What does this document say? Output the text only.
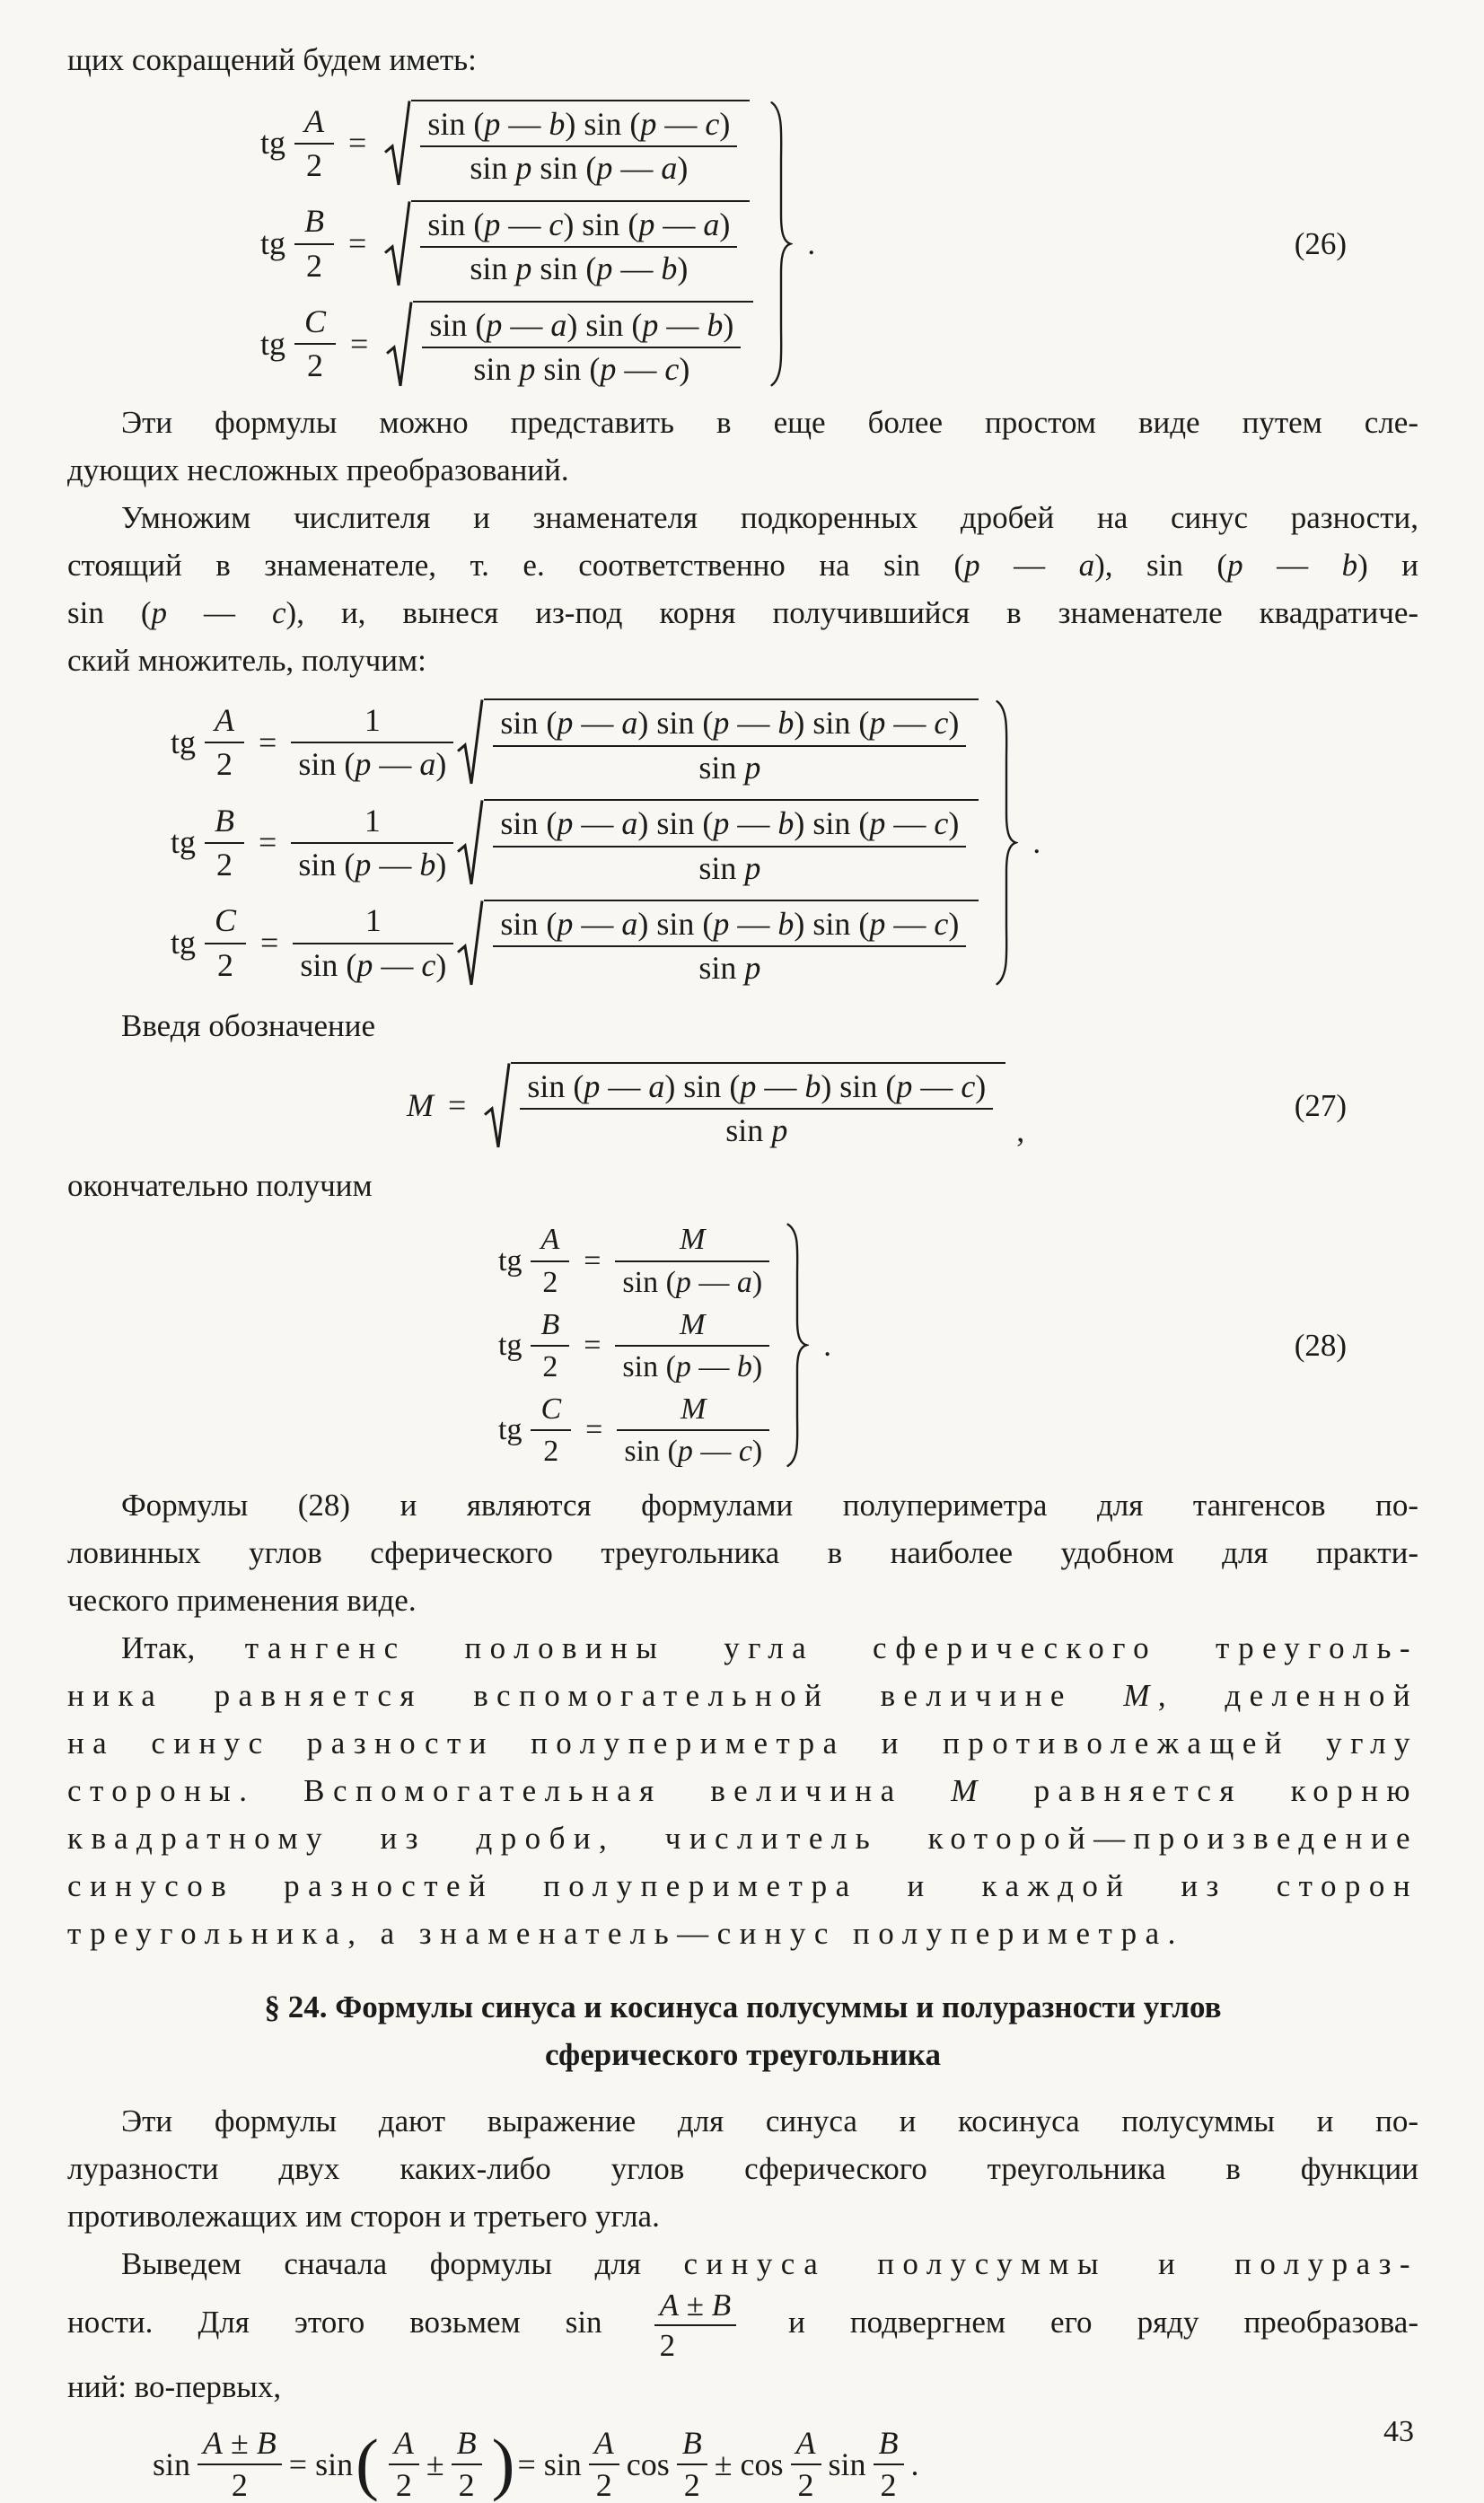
щих сокращений будем иметь:
tg $\frac{A}{2} = \frac{\sin (p — b) \sin (p — c)}{\text{sin p sin (p — a)}}$
tg $\frac{B}{2} = \frac{\sin (p — c) \sin (p — a)}{\text{sin p sin (p — b)}}$
tg $\frac{C}{2} = \frac{\sin (p — a) \sin (p — b)}{\text{sin p sin (p — c)}}$
.	(26)
Эти формулы можно представить в еще более простом виде путем сле-
дующих несложных преобразований.
Умножим числителя и знаменателя подкоренных дробей на синус разности,
стоящий в знаменателе, т. е. соответственно на sin (p — a), sin (p — b) и
sin (p — c), и, вынеся из-под корня получившийся в знаменателе квадратиче-
ский множитель, получим:
tg $\frac{A}{2} = \frac{1}{\sin (p — a)} \frac{\sin (p — a) \sin (p — b) \sin (p — c)}{\text{sin p}}$
tg $\frac{B}{2} = \frac{1}{\sin (p — b)} \frac{\sin (p — a) \sin (p — b) \sin (p — c)}{\text{sin p}}$
tg $\frac{C}{2} = \frac{1}{\sin (p — c)} \frac{\sin (p — a) \sin (p — b) \sin (p — c)}{\text{sin p}}$
.
Введя обозначение
$M = \frac{\sin (p — a) \sin (p — b) \sin (p — c)}{\text{sin p}}$ ,
(27)
окончательно получим
tg $\frac{A}{2} = \frac{M}{\sin (p — a)}$
tg $\frac{B}{2} = \frac{M}{\sin (p — b)}$
tg $\frac{C}{2} = \frac{M}{\sin (p — c)}$
.	(28)
Формулы (28) и являются формулами полупериметра для тангенсов по-
ловинных углов сферического треугольника в наиболее удобном для практи-
ческого применения виде.
Итак, тангенс половины угла сферического треуголь-
ника равняется вспомогательной величине М, деленной
на синус разности полупериметра и противолежащей углу
стороны. Вспомогательная величина М равняется корню
квадратному из дроби, числитель которой—произведение
синусов разностей полупериметра и каждой из сторон
треугольника, а знаменатель—синус полупериметра.
§ 24. Формулы синуса и косинуса полусуммы и полуразности углов
сферического треугольника
Эти формулы дают выражение для синуса и косинуса полусуммы и по-
луразности двух каких-либо углов сферического треугольника в функции
противолежащих им сторон и третьего угла.
Выведем сначала формулы для синуса полусуммы и полураз-
ности. Для этого возьмем $\sin \frac{A \pm B}{2}$ и подвергнем его ряду преобразова-
ний: во-первых,
$\sin \frac{A \pm B}{2} = \sin$ ( $\frac{A}{2} \pm \frac{B}{2}$ ) = $\sin \frac{A}{2}$ $\cos \frac{B}{2} \pm \cos \frac{A}{2}$ $\sin \frac{B}{2}$ .
43
